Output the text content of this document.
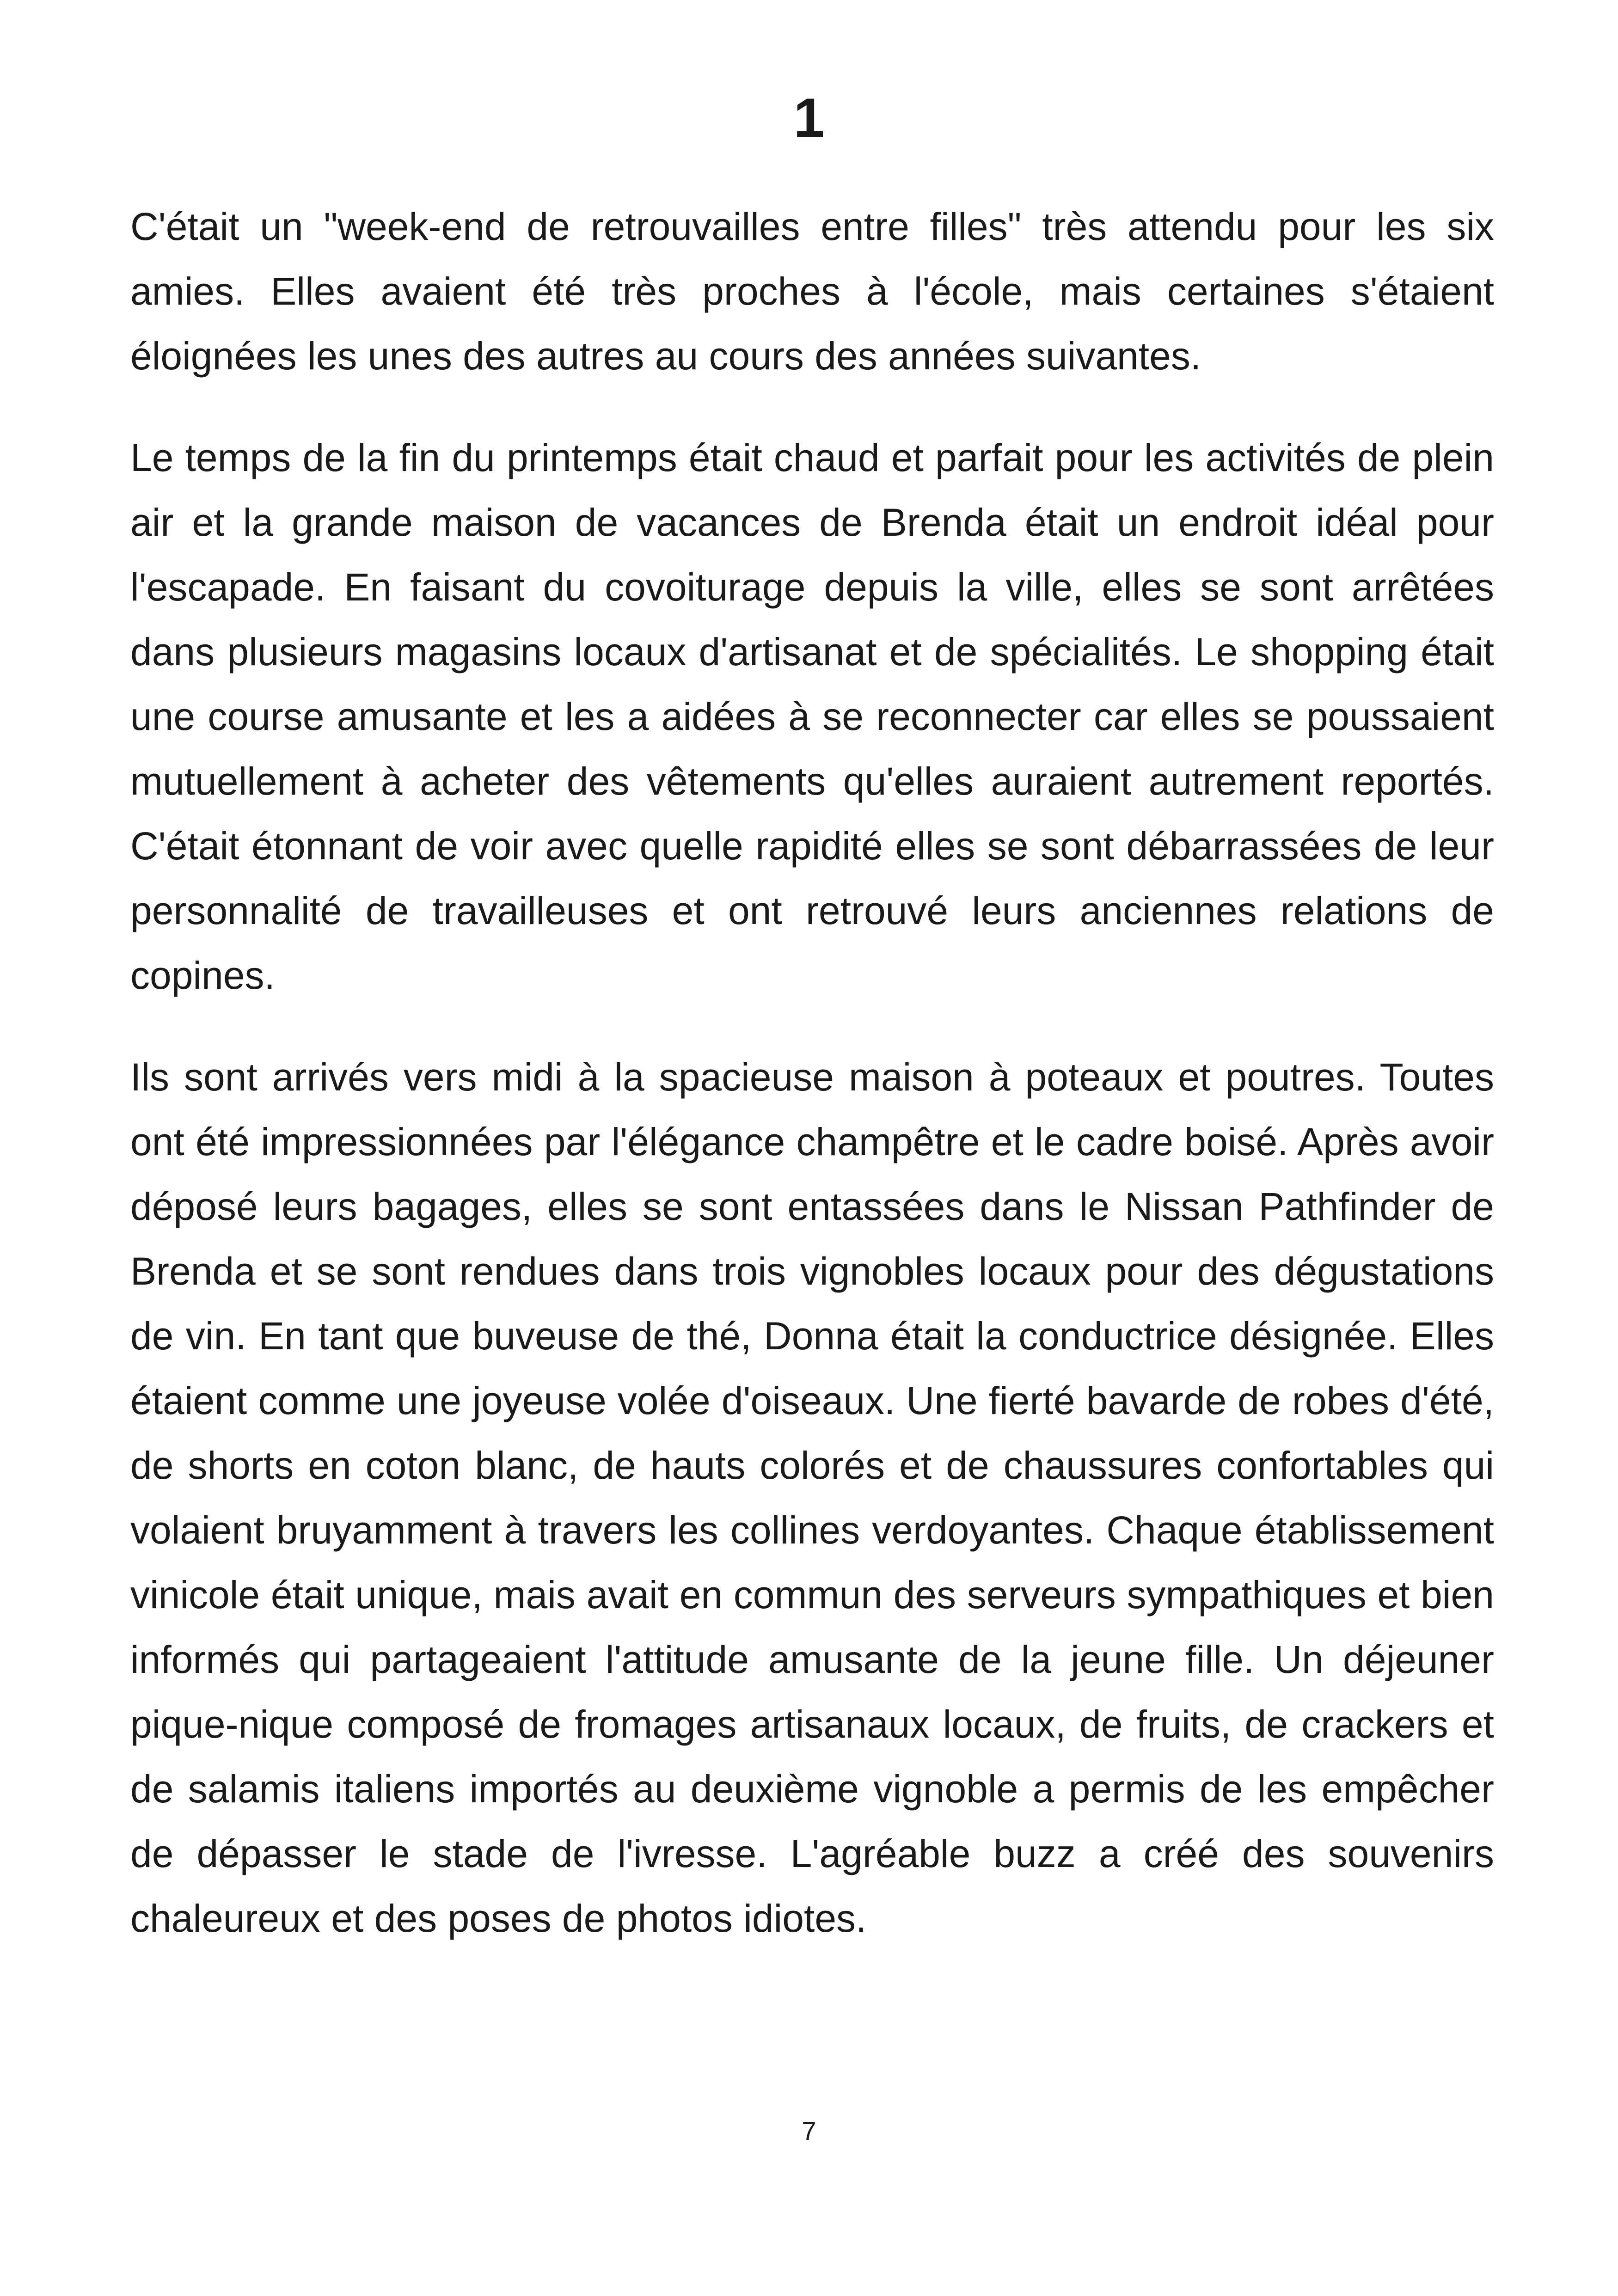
1

C'était un "week-end de retrouvailles entre filles" très attendu pour les six amies. Elles avaient été très proches à l'école, mais certaines s'étaient éloignées les unes des autres au cours des années suivantes.

Le temps de la fin du printemps était chaud et parfait pour les activités de plein air et la grande maison de vacances de Brenda était un endroit idéal pour l'escapade. En faisant du covoiturage depuis la ville, elles se sont arrêtées dans plusieurs magasins locaux d'artisanat et de spécialités. Le shopping était une course amusante et les a aidées à se reconnecter car elles se poussaient mutuellement à acheter des vêtements qu'elles auraient autrement reportés. C'était étonnant de voir avec quelle rapidité elles se sont débarrassées de leur personnalité de travailleuses et ont retrouvé leurs anciennes relations de copines.

Ils sont arrivés vers midi à la spacieuse maison à poteaux et poutres. Toutes ont été impressionnées par l'élégance champêtre et le cadre boisé. Après avoir déposé leurs bagages, elles se sont entassées dans le Nissan Pathfinder de Brenda et se sont rendues dans trois vignobles locaux pour des dégustations de vin. En tant que buveuse de thé, Donna était la conductrice désignée. Elles étaient comme une joyeuse volée d'oiseaux. Une fierté bavarde de robes d'été, de shorts en coton blanc, de hauts colorés et de chaussures confortables qui volaient bruyamment à travers les collines verdoyantes. Chaque établissement vinicole était unique, mais avait en commun des serveurs sympathiques et bien informés qui partageaient l'attitude amusante de la jeune fille. Un déjeuner pique-nique composé de fromages artisanaux locaux, de fruits, de crackers et de salamis italiens importés au deuxième vignoble a permis de les empêcher de dépasser le stade de l'ivresse. L'agréable buzz a créé des souvenirs chaleureux et des poses de photos idiotes.

7
